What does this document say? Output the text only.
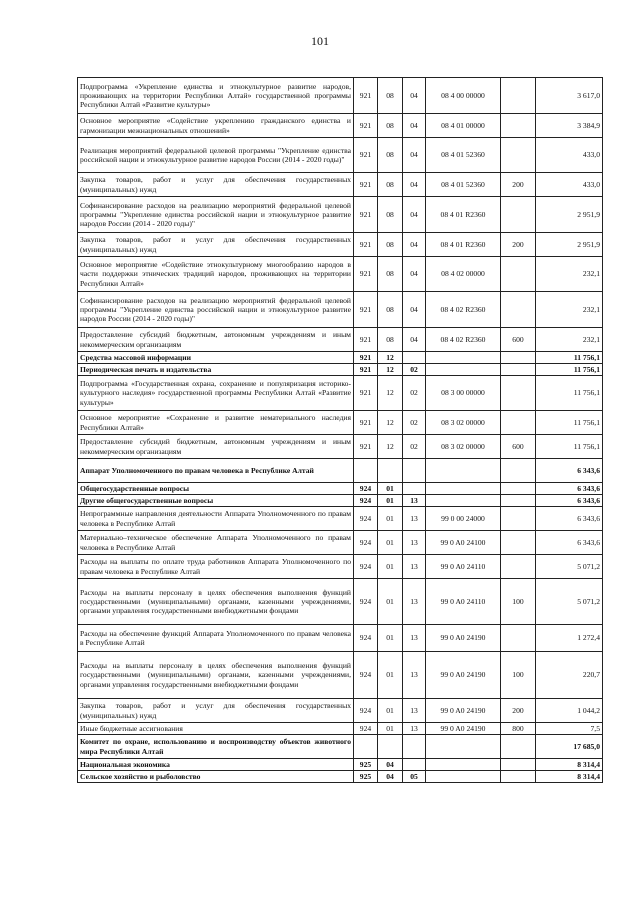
101
Подпрограмма «Укрепление единства и этнокультурное развитие народов, проживающих на территории Республики Алтай» государственной программы Республики Алтай «Развитие культуры»	921	08	04	08 4 00 00000		3 617,0
Основное мероприятие «Содействие укреплению гражданского единства и гармонизации межнациональных отношений»	921	08	04	08 4 01 00000		3 384,9
Реализация мероприятий федеральной целевой программы "Укрепление единства российской нации и этнокультурное развитие народов России (2014 - 2020 годы)"	921	08	04	08 4 01 52360		433,0
Закупка товаров, работ и услуг для обеспечения государственных (муниципальных) нужд	921	08	04	08 4 01 52360	200	433,0
Софинансирование расходов на реализацию мероприятий федеральной целевой программы "Укрепление единства российской нации и этнокультурное развитие народов России (2014 - 2020 годы)"	921	08	04	08 4 01 R2360		2 951,9
Закупка товаров, работ и услуг для обеспечения государственных (муниципальных) нужд	921	08	04	08 4 01 R2360	200	2 951,9
Основное мероприятие «Содействие этнокультурному многообразию народов в части поддержки этнических традиций народов, проживающих на территории Республики Алтай»	921	08	04	08 4 02 00000		232,1
Софинансирование расходов на реализацию мероприятий федеральной целевой программы "Укрепление единства российской нации и этнокультурное развитие народов России (2014 - 2020 годы)"	921	08	04	08 4 02 R2360		232,1
Предоставление субсидий бюджетным, автономным учреждениям и иным некоммерческим организациям	921	08	04	08 4 02 R2360	600	232,1
Средства массовой информации	921	12				11 756,1
Периодическая печать и издательства	921	12	02			11 756,1
Подпрограмма «Государственная охрана, сохранение и популяризация историко-культурного наследия» государственной программы Республики Алтай «Развитие культуры»	921	12	02	08 3 00 00000		11 756,1
Основное мероприятие «Сохранение и развитие нематериального наследия Республики Алтай»	921	12	02	08 3 02 00000		11 756,1
Предоставление субсидий бюджетным, автономным учреждениям и иным некоммерческим организациям	921	12	02	08 3 02 00000	600	11 756,1
Аппарат Уполномоченного по правам человека в Республике Алтай						6 343,6
Общегосударственные вопросы	924	01				6 343,6
Другие общегосударственные вопросы	924	01	13			6 343,6
Непрограммные направления деятельности Аппарата Уполномоченного по правам человека в Республике Алтай	924	01	13	99 0 00 24000		6 343,6
Материально–техническое обеспечение Аппарата Уполномоченного по правам человека в Республике Алтай	924	01	13	99 0 A0 24100		6 343,6
Расходы на выплаты по оплате труда работников Аппарата Уполномоченного по правам человека в Республике Алтай	924	01	13	99 0 A0 24110		5 071,2
Расходы на выплаты персоналу в целях обеспечения выполнения функций государственными (муниципальными) органами, казенными учреждениями, органами управления государственными внебюджетными фондами	924	01	13	99 0 A0 24110	100	5 071,2
Расходы на обеспечение функций Аппарата Уполномоченного по правам человека в Республике Алтай	924	01	13	99 0 A0 24190		1 272,4
Расходы на выплаты персоналу в целях обеспечения выполнения функций государственными (муниципальными) органами, казенными учреждениями, органами управления государственными внебюджетными фондами	924	01	13	99 0 A0 24190	100	220,7
Закупка товаров, работ и услуг для обеспечения государственных (муниципальных) нужд	924	01	13	99 0 A0 24190	200	1 044,2
Иные бюджетные ассигнования	924	01	13	99 0 A0 24190	800	7,5
Комитет по охране, использованию и воспроизводству объектов животного мира Республики Алтай						17 685,0
Национальная экономика	925	04				8 314,4
Сельское хозяйство и рыболовство	925	04	05			8 314,4
